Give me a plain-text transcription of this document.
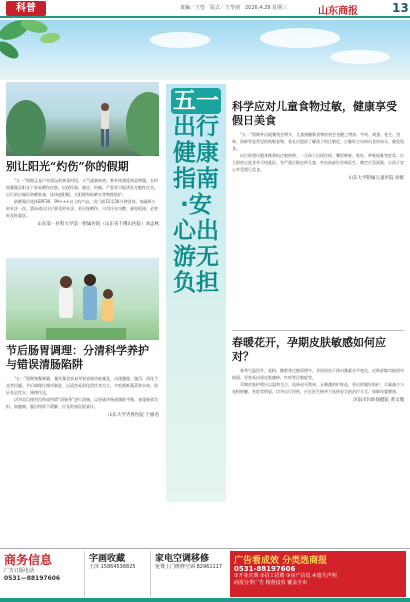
科普	責編／王瑩　版式／王學朋　2026.4.29 星期三	山东商报	13
别让阳光“灼伤”你的假期

“五一”假期正是户外游玩的黄金时段，天气逐渐转热，紫外线强度明显增强。长时间暴露在阳光下容易晒伤皮肤，出现红斑、脱皮、灼痛，严重者可能诱发光敏性皮炎。出行前应做好防晒准备，选择遮阳帽、太阳镜和防晒衣等物理防护。

防晒霜应选择SPF30、PA+++以上的产品，出门前15至30分钟涂抹，每隔两小时补涂一次，游泳或出汗后要及时补涂。若出现晒伤，可用冷水冷敷，避免抓挠，必要时及时就医。

山东第一医科大学第一附属医院（山东省千佛山医院）刘孟秋
节后肠胃调理：分清科学养护与错误清肠陷阱

“五一”假期聚餐频繁，暴饮暴食容易导致胃肠功能紊乱，出现腹胀、腹泻、消化不良等问题。节后调理应循序渐进，以清淡易消化的饮食为主，多吃新鲜蔬菜和水果，保证充足饮水，规律作息。

切勿盲目使用泻药或所谓“清肠茶”进行清肠，以免破坏肠道菌群平衡，加重肠胃负担。如腹痛、腹泻持续不缓解，应及时到医院就诊。

山东大学齐鲁医院 于丽君
五一出行健康指南·安心出游无负担
科学应对儿童食物过敏，健康享受假日美食

“五一”假期外出就餐机会增多，儿童接触新食物的机会也随之增加。牛奶、鸡蛋、花生、坚果、海鲜等是常见的致敏食物，家长应提前了解孩子的过敏史，点餐时主动询问食材成分，避免误食。

出行时建议随身携带抗过敏药物，一旦孩子出现皮疹、嘴唇肿胀、呕吐、呼吸困难等症状，应立即停止进食并尽快就医。有严重过敏史的儿童，外出前最好咨询医生，制定应急预案，让孩子安心享受假日美食。

山东大学附属儿童医院 徐群
春暖花开，孕期皮肤敏感如何应对？

春季气温回升，花粉、柳絮等过敏原增多，孕妈妈由于体内激素水平变化，皮肤屏障功能相对较弱，更容易出现皮肤瘙痒、红疹等过敏症状。

孕期皮肤护理应以温和为主，选择成分简单、无刺激的护肤品，外出时做好防护，尽量减少与花粉接触。若症状明显，切勿自行用药，应在医生指导下选择安全的治疗方式，保障母婴健康。

济南市妇幼保健院 黄文瑾
商务信息
广告订版电话
0531—88197606
字画收藏
王泽 15864536825
家电空调移修
免费上门维修空调 82961117
广告看成效 分类选商报
0531-88197606
①开业庆典 ②招工招聘 ③房产信息 ④遗失声明
商报分类广告 精准投放 覆盖全市
